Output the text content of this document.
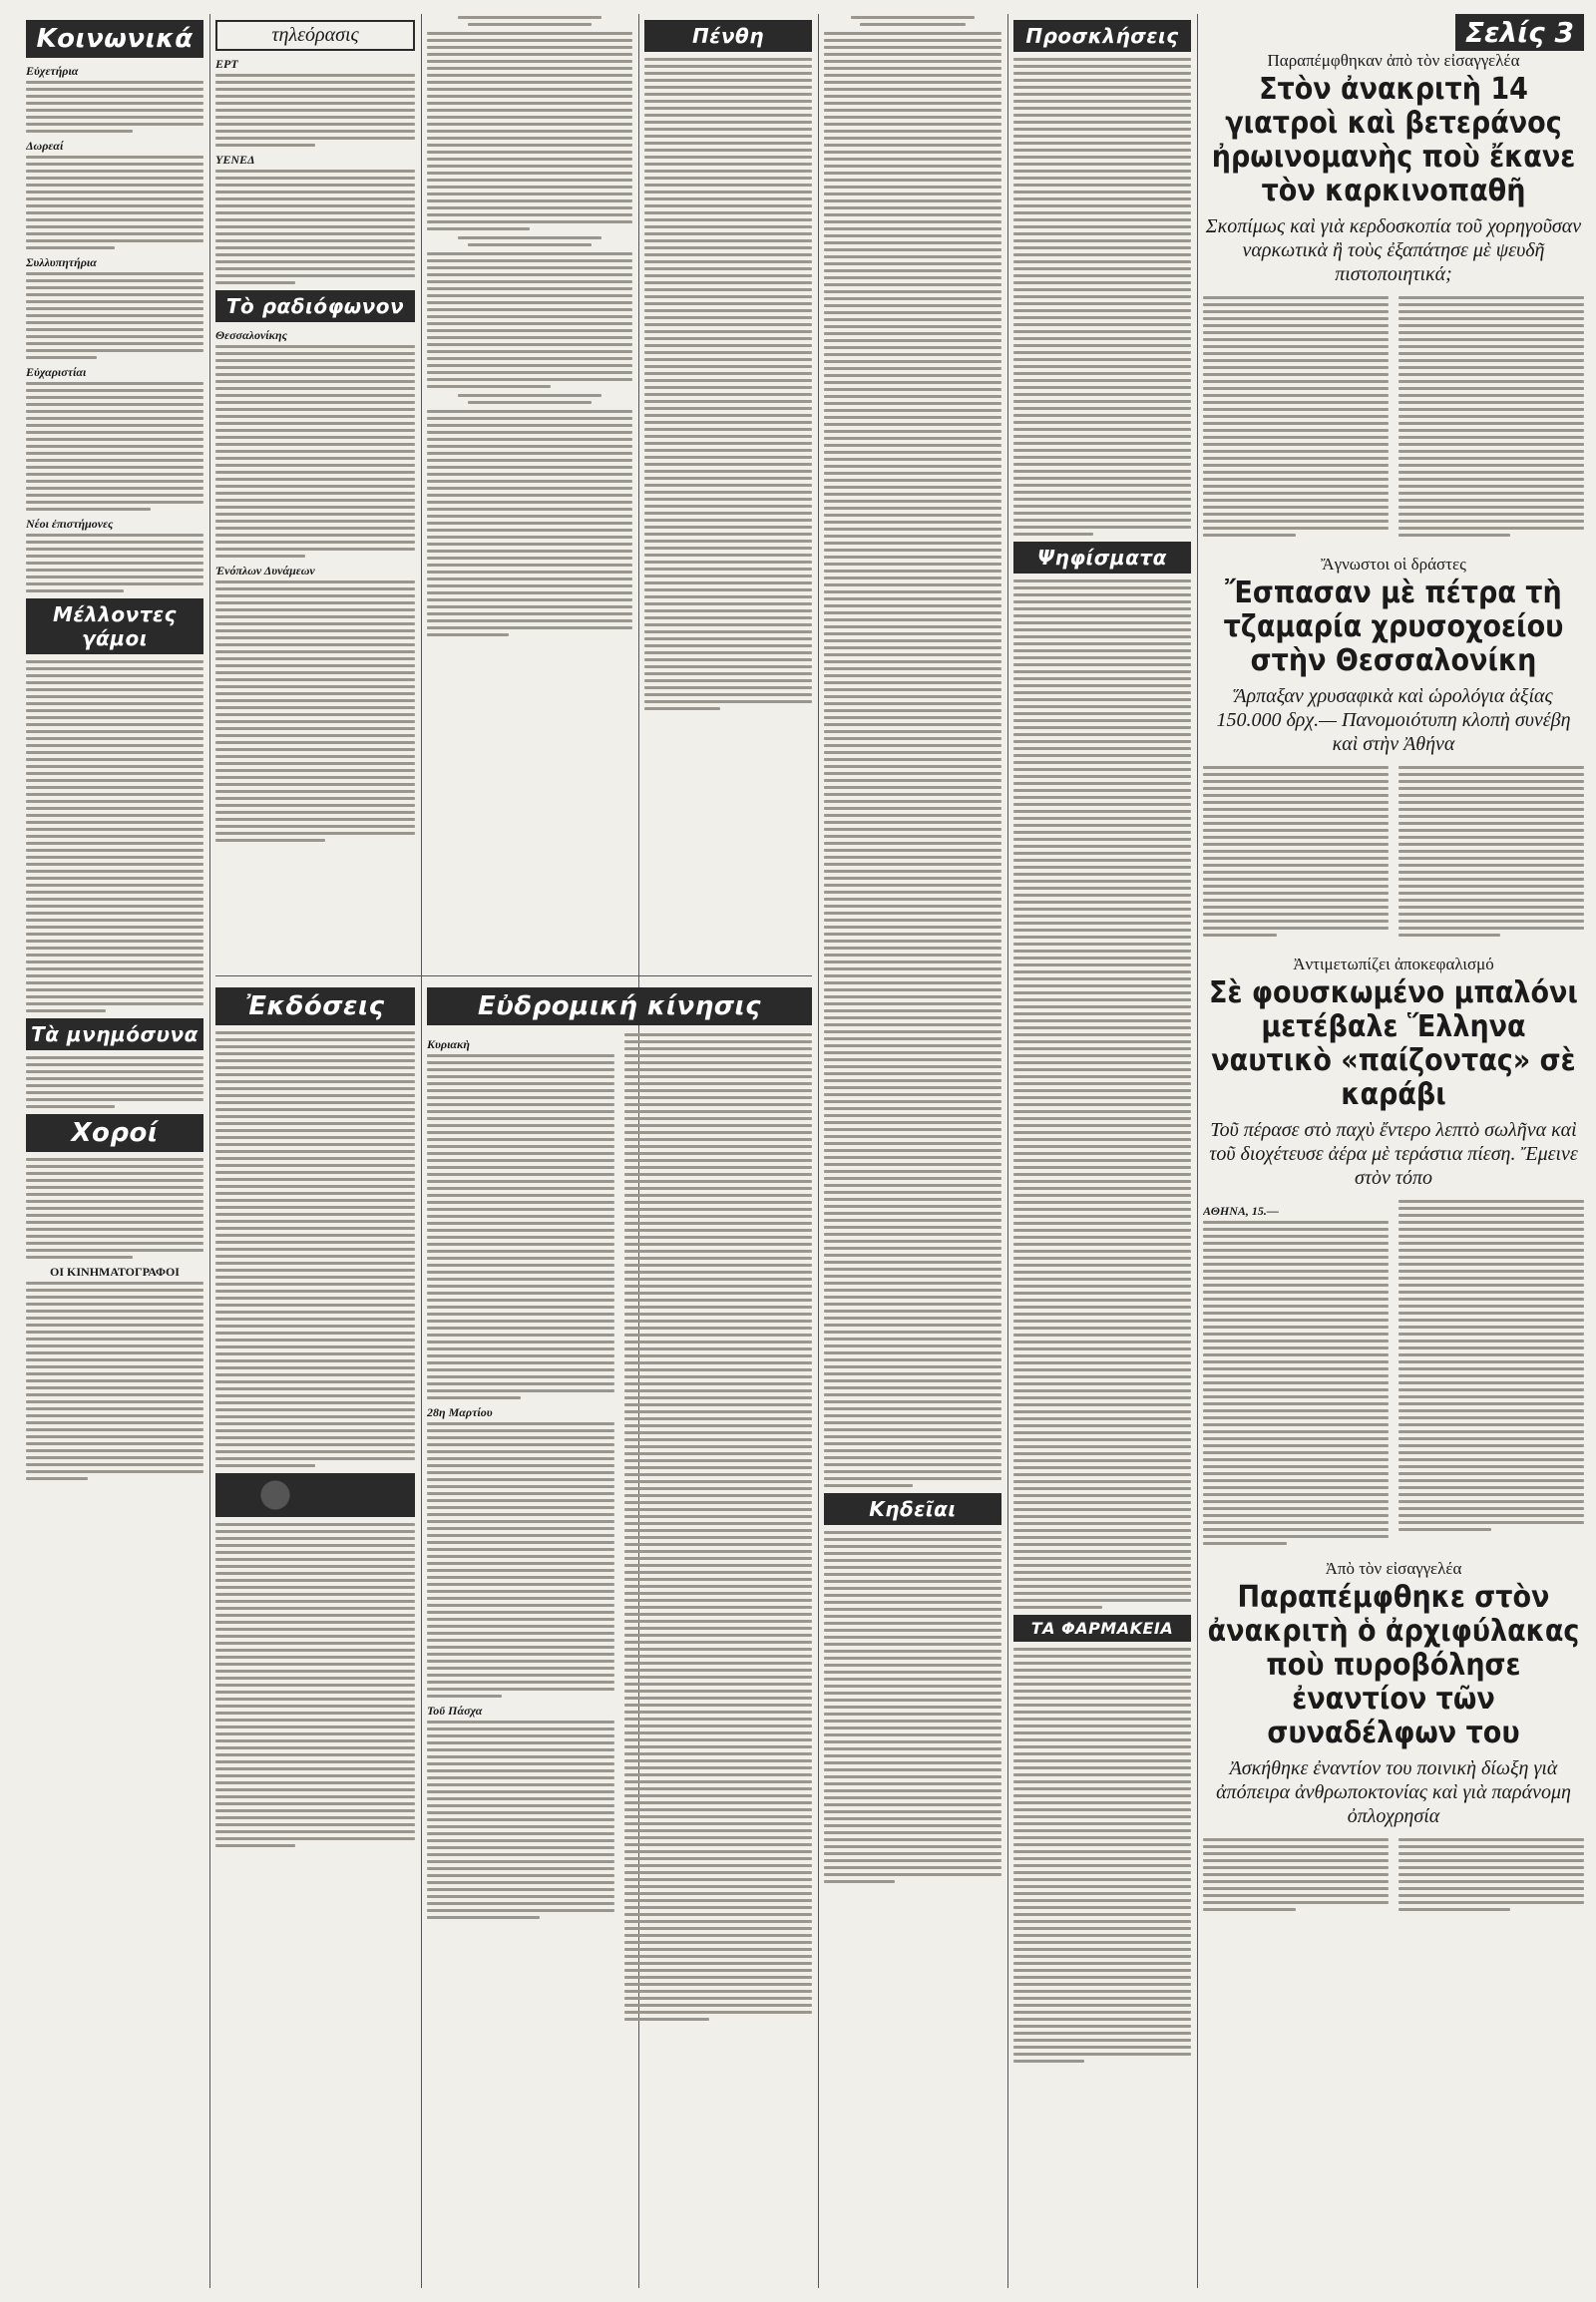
Κοινωνικά
Εὐχετήρια
Δωρεαί
Συλλυπητήρια
Εὐχαριστίαι
Νέοι ἐπιστήμονες
Μέλλοντες γάμοι
Τὰ μνημόσυνα
Χοροί
ΟΙ ΚΙΝΗΜΑΤΟΓΡΑΦΟΙ
τηλεόρασις
ΕΡΤ
ΥΕΝΕΔ
Τὸ ραδιόφωνον
Θεσσαλονίκης
Ἐνόπλων Δυνάμεων
Πένθη
Ἐκδόσεις	Εὐδρομική κίνησις
Κυριακὴ
28η Μαρτίου
Τοῦ Πάσχα
Κηδεῖαι
Προσκλήσεις
Ψηφίσματα
ΤΑ ΦΑΡΜΑΚΕΙΑ
Σελίς 3
Παραπέμφθηκαν ἀπὸ τὸν εἰσαγγελέα
Στὸν ἀνακριτὴ 14 γιατροὶ καὶ βετεράνος ἠρωινομανὴς ποὺ ἔκανε τὸν καρκινοπαθῆ
Σκοπίμως καὶ γιὰ κερδοσκοπία τοῦ χορηγοῦσαν ναρκωτικὰ ἢ τοὺς ἐξαπάτησε μὲ ψευδῆ πιστοποιητικά;
Ἄγνωστοι οἱ δράστες
Ἔσπασαν μὲ πέτρα τὴ τζαμαρία χρυσοχοείου στὴν Θεσσαλονίκη
Ἅρπαξαν χρυσαφικὰ καὶ ὡρολόγια ἀξίας 150.000 δρχ.— Πανομοιότυπη κλοπὴ συνέβη καὶ στὴν Ἀθήνα
Ἀντιμετωπίζει ἀποκεφαλισμό
Σὲ φουσκωμένο μπαλόνι μετέβαλε Ἕλληνα ναυτικὸ «παίζοντας» σὲ καράβι
Τοῦ πέρασε στὸ παχὺ ἔντερο λεπτὸ σωλῆνα καὶ τοῦ διοχέτευσε ἀέρα μὲ τεράστια πίεση. Ἔμεινε στὸν τόπο
ΑΘΗΝΑ, 15.—
Ἀπὸ τὸν εἰσαγγελέα
Παραπέμφθηκε στὸν ἀνακριτὴ ὁ ἀρχιφύλακας ποὺ πυροβόλησε ἐναντίον τῶν συναδέλφων του
Ἀσκήθηκε ἐναντίον του ποινικὴ δίωξη γιὰ ἀπόπειρα ἀνθρωποκτονίας καὶ γιὰ παράνομη ὀπλοχρησία
